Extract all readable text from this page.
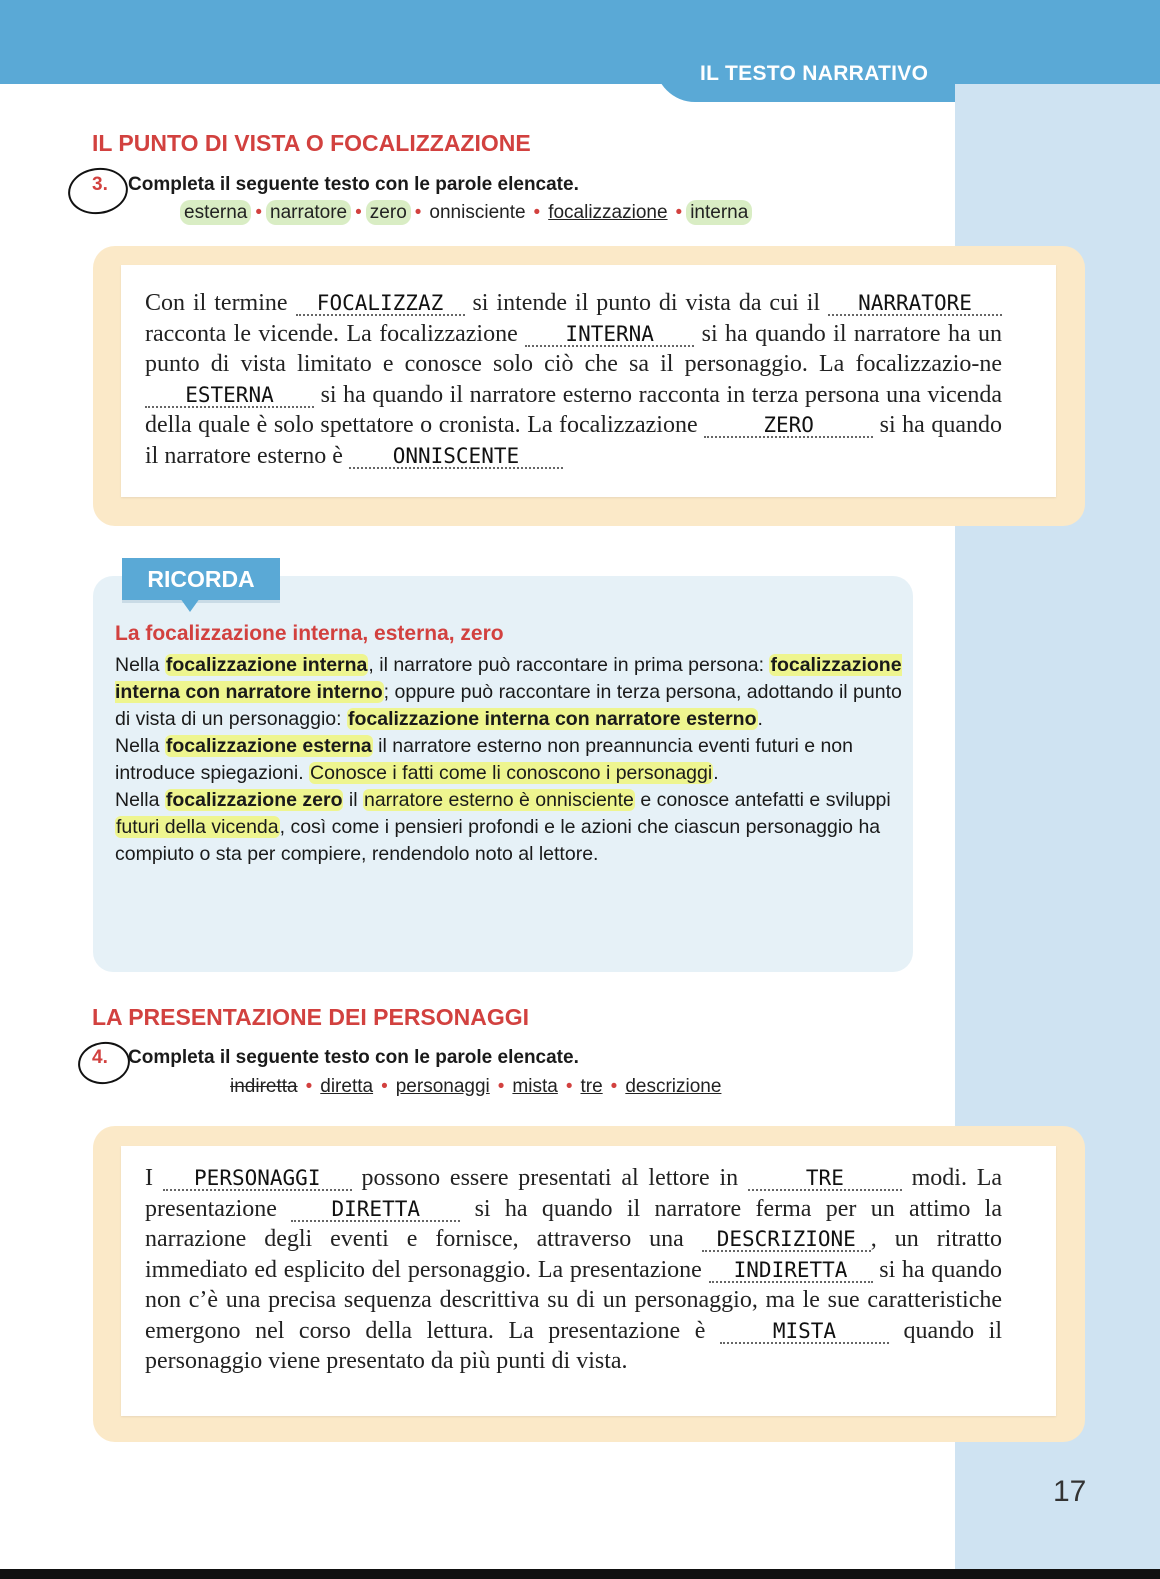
IL TESTO NARRATIVO
IL PUNTO DI VISTA O FOCALIZZAZIONE
3. Completa il seguente testo con le parole elencate.
esterna • narratore • zero • onnisciente • focalizzazione • interna
Con il termine FOCALIZZAZ si intende il punto di vista da cui il NARRATORE racconta le vicende. La focalizzazione INTERNA si ha quando il narratore ha un punto di vista limitato e conosce solo ciò che sa il personaggio. La focalizzazio-ne ESTERNA si ha quando il narratore esterno racconta in terza persona una vicenda della quale è solo spettatore o cronista. La focalizzazione	ZERO	si ha quando il narratore esterno è ONNISCENTE
RICORDA
La focalizzazione interna, esterna, zero
Nella focalizzazione interna, il narratore può raccontare in prima persona: focalizzazione interna con narratore interno; oppure può raccontare in terza persona, adottando il punto di vista di un personaggio: focalizzazione interna con narratore esterno.
Nella focalizzazione esterna il narratore esterno non preannuncia eventi futuri e non introduce spiegazioni. Conosce i fatti come li conoscono i personaggi.
Nella focalizzazione zero il narratore esterno è onnisciente e conosce antefatti e sviluppi futuri della vicenda, così come i pensieri profondi e le azioni che ciascun personaggio ha compiuto o sta per compiere, rendendolo noto al lettore.
LA PRESENTAZIONE DEI PERSONAGGI
4. Completa il seguente testo con le parole elencate.
indiretta • diretta • personaggi • mista • tre • descrizione
I PERSONAGGI possono essere presentati al lettore in	TRE	modi. La presentazione	DIRETTA si ha quando il narratore ferma per un attimo la narrazione degli eventi e fornisce, attraverso una DESCRIZIONE , un ritratto immediato ed esplicito del personaggio. La presentazione INDIRETTA si ha quando non c’è una precisa sequenza descrittiva su di un personaggio, ma le sue caratteristiche emergono nel corso della lettura. La presentazione è	MISTA	quando il personaggio viene presentato da più punti di vista.
17
